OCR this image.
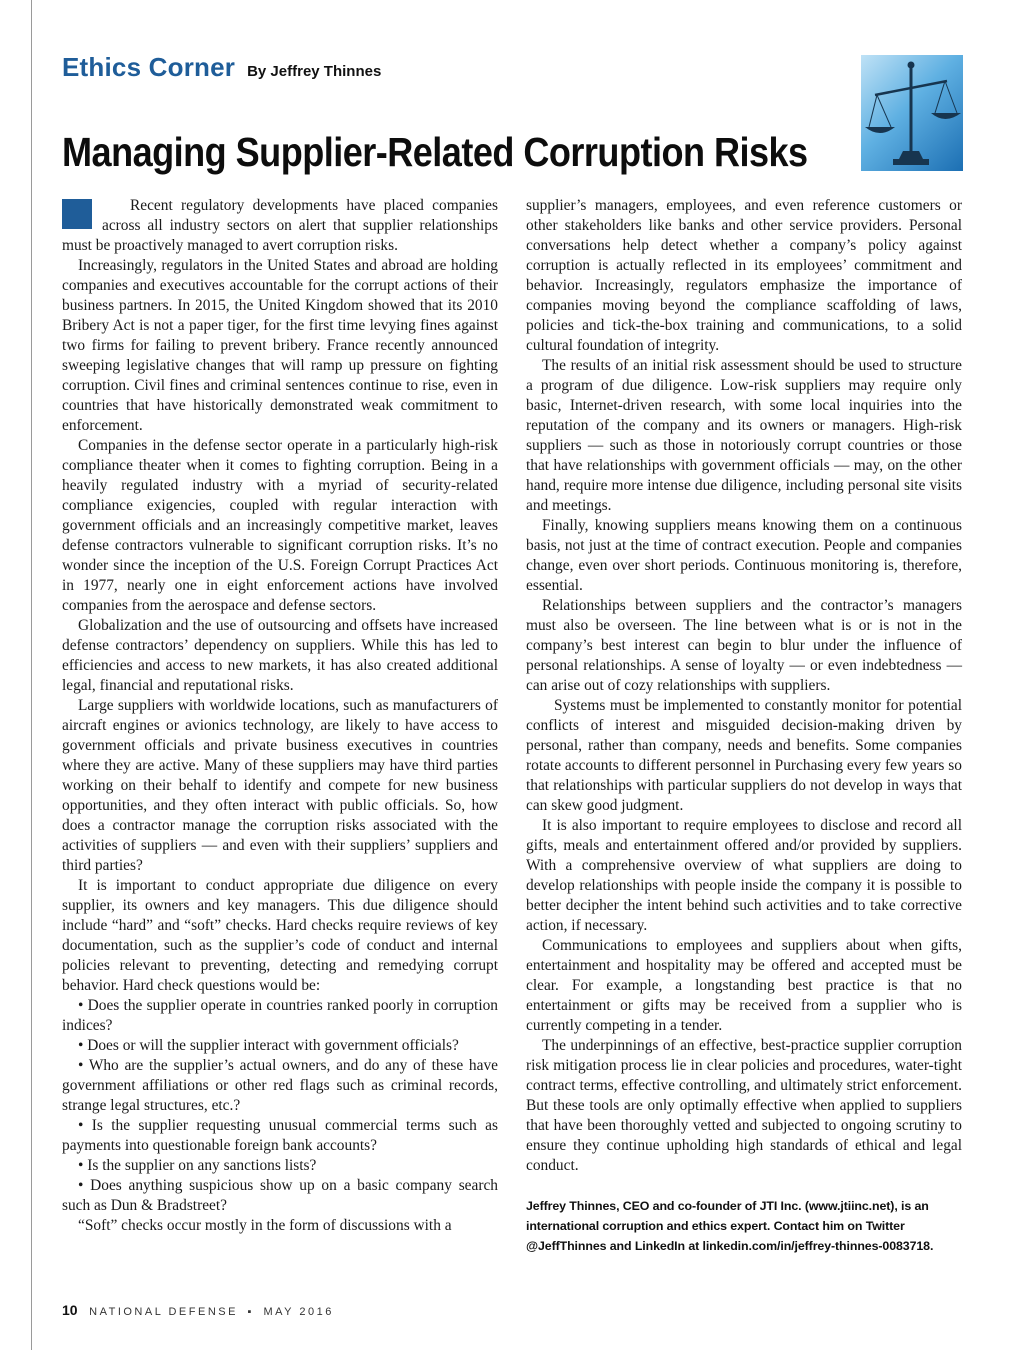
Ethics Corner By Jeffrey Thinnes
Managing Supplier-Related Corruption Risks

Recent regulatory developments have placed companies across all industry sectors on alert that supplier relationships must be proactively managed to avert corruption risks.

Increasingly, regulators in the United States and abroad are holding companies and executives accountable for the corrupt actions of their business partners. In 2015, the United Kingdom showed that its 2010 Bribery Act is not a paper tiger, for the first time levying fines against two firms for failing to prevent bribery. France recently announced sweeping legislative changes that will ramp up pressure on fighting corruption. Civil fines and criminal sentences continue to rise, even in countries that have historically demonstrated weak commitment to enforcement.

Companies in the defense sector operate in a particularly high-risk compliance theater when it comes to fighting corruption. Being in a heavily regulated industry with a myriad of security-related compliance exigencies, coupled with regular interaction with government officials and an increasingly competitive market, leaves defense contractors vulnerable to significant corruption risks. It’s no wonder since the inception of the U.S. Foreign Corrupt Practices Act in 1977, nearly one in eight enforcement actions have involved companies from the aerospace and defense sectors.

Globalization and the use of outsourcing and offsets have increased defense contractors’ dependency on suppliers. While this has led to efficiencies and access to new markets, it has also created additional legal, financial and reputational risks.

Large suppliers with worldwide locations, such as manufacturers of aircraft engines or avionics technology, are likely to have access to government officials and private business executives in countries where they are active. Many of these suppliers may have third parties working on their behalf to identify and compete for new business opportunities, and they often interact with public officials. So, how does a contractor manage the corruption risks associated with the activities of suppliers — and even with their suppliers’ suppliers and third parties?

It is important to conduct appropriate due diligence on every supplier, its owners and key managers. This due diligence should include “hard” and “soft” checks. Hard checks require reviews of key documentation, such as the supplier’s code of conduct and internal policies relevant to preventing, detecting and remedying corrupt behavior. Hard check questions would be:

• Does the supplier operate in countries ranked poorly in corruption indices?

• Does or will the supplier interact with government officials?

• Who are the supplier’s actual owners, and do any of these have government affiliations or other red flags such as criminal records, strange legal structures, etc.?

• Is the supplier requesting unusual commercial terms such as payments into questionable foreign bank accounts?

• Is the supplier on any sanctions lists?

• Does anything suspicious show up on a basic company search such as Dun & Bradstreet?

“Soft” checks occur mostly in the form of discussions with a

supplier’s managers, employees, and even reference customers or other stakeholders like banks and other service providers. Personal conversations help detect whether a company’s policy against corruption is actually reflected in its employees’ commitment and behavior. Increasingly, regulators emphasize the importance of companies moving beyond the compliance scaffolding of laws, policies and tick-the-box training and communications, to a solid cultural foundation of integrity.

The results of an initial risk assessment should be used to structure a program of due diligence. Low-risk suppliers may require only basic, Internet-driven research, with some local inquiries into the reputation of the company and its owners or managers. High-risk suppliers — such as those in notoriously corrupt countries or those that have relationships with government officials — may, on the other hand, require more intense due diligence, including personal site visits and meetings.

Finally, knowing suppliers means knowing them on a continuous basis, not just at the time of contract execution. People and companies change, even over short periods. Continuous monitoring is, therefore, essential.

Relationships between suppliers and the contractor’s managers must also be overseen. The line between what is or is not in the company’s best interest can begin to blur under the influence of personal relationships. A sense of loyalty — or even indebtedness — can arise out of cozy relationships with suppliers.

Systems must be implemented to constantly monitor for potential conflicts of interest and misguided decision-making driven by personal, rather than company, needs and benefits. Some companies rotate accounts to different personnel in Purchasing every few years so that relationships with particular suppliers do not develop in ways that can skew good judgment.

It is also important to require employees to disclose and record all gifts, meals and entertainment offered and/or provided by suppliers. With a comprehensive overview of what suppliers are doing to develop relationships with people inside the company it is possible to better decipher the intent behind such activities and to take corrective action, if necessary.

Communications to employees and suppliers about when gifts, entertainment and hospitality may be offered and accepted must be clear. For example, a longstanding best practice is that no entertainment or gifts may be received from a supplier who is currently competing in a tender.

The underpinnings of an effective, best-practice supplier corruption risk mitigation process lie in clear policies and procedures, water-tight contract terms, effective controlling, and ultimately strict enforcement. But these tools are only optimally effective when applied to suppliers that have been thoroughly vetted and subjected to ongoing scrutiny to ensure they continue upholding high standards of ethical and legal conduct.

Jeffrey Thinnes, CEO and co-founder of JTI Inc. (www.jtiinc.net), is an international corruption and ethics expert. Contact him on Twitter @JeffThinnes and LinkedIn at linkedin.com/in/jeffrey-thinnes-0083718.
10 NATIONAL DEFENSE ▪ MAY 2016
